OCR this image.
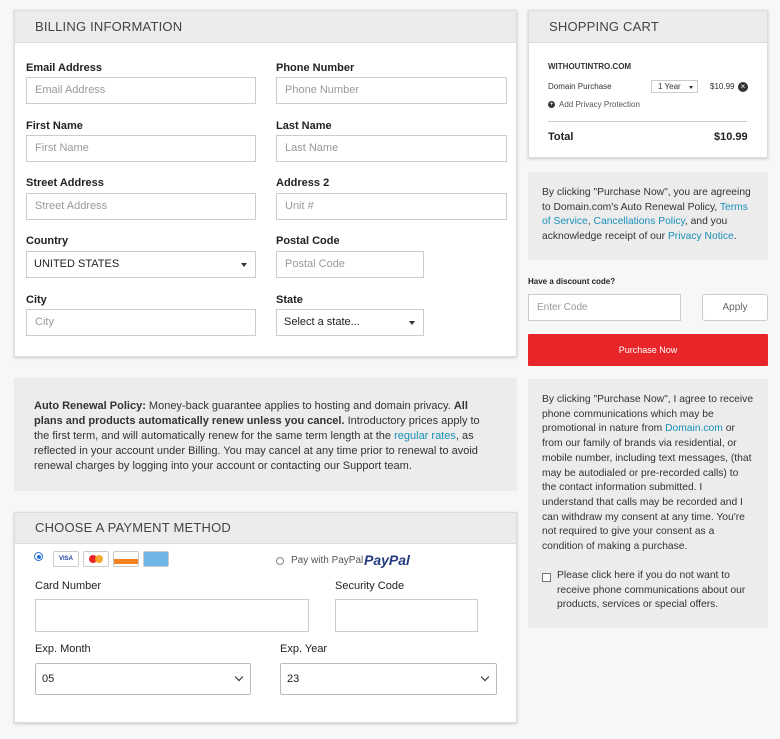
BILLING INFORMATION
Email Address
Email Address
Phone Number
Phone Number
First Name
First Name
Last Name
Last Name
Street Address
Street Address
Address 2
Unit #
Country
UNITED STATES
Postal Code
Postal Code
City
City
State
Select a state...
Auto Renewal Policy: Money-back guarantee applies to hosting and domain privacy. All plans and products automatically renew unless you cancel. Introductory prices apply to the first term, and will automatically renew for the same term length at the regular rates, as reflected in your account under Billing. You may cancel at any time prior to renewal to avoid renewal charges by logging into your account or contacting our Support team.
CHOOSE A PAYMENT METHOD
VISA	Pay with PayPal PayPal
Card Number	Security Code
Exp. Month
05
Exp. Year
23
SHOPPING CART
WITHOUTINTRO.COM
Domain Purchase	1 Year	$10.99 ×
+ Add Privacy Protection
Total	$10.99
By clicking "Purchase Now", you are agreeing to Domain.com's Auto Renewal Policy, Terms of Service, Cancellations Policy, and you acknowledge receipt of our Privacy Notice.
Have a discount code?
Enter Code	Apply
Purchase Now
By clicking "Purchase Now", I agree to receive phone communications which may be promotional in nature from Domain.com or from our family of brands via residential, or mobile number, including text messages, (that may be autodialed or pre-recorded calls) to the contact information submitted. I understand that calls may be recorded and I can withdraw my consent at any time. You're not required to give your consent as a condition of making a purchase.
Please click here if you do not want to receive phone communications about our products, services or special offers.
